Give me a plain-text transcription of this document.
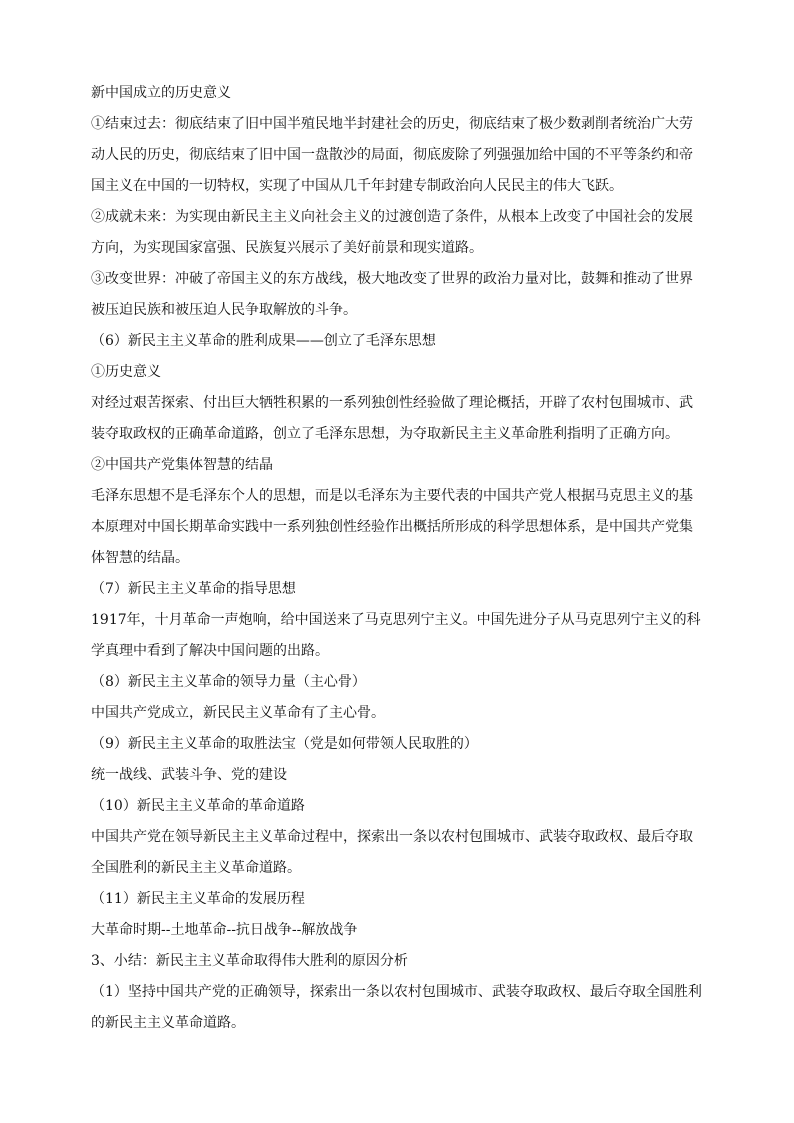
新中国成立的历史意义
①结束过去：彻底结束了旧中国半殖民地半封建社会的历史，彻底结束了极少数剥削者统治广大劳
动人民的历史，彻底结束了旧中国一盘散沙的局面，彻底废除了列强强加给中国的不平等条约和帝
国主义在中国的一切特权，实现了中国从几千年封建专制政治向人民民主的伟大飞跃。
②成就未来：为实现由新民主主义向社会主义的过渡创造了条件，从根本上改变了中国社会的发展
方向，为实现国家富强、民族复兴展示了美好前景和现实道路。
③改变世界：冲破了帝国主义的东方战线，极大地改变了世界的政治力量对比，鼓舞和推动了世界
被压迫民族和被压迫人民争取解放的斗争。
（6）新民主主义革命的胜利成果——创立了毛泽东思想
①历史意义
对经过艰苦探索、付出巨大牺牲积累的一系列独创性经验做了理论概括，开辟了农村包围城市、武
装夺取政权的正确革命道路，创立了毛泽东思想，为夺取新民主主义革命胜利指明了正确方向。
②中国共产党集体智慧的结晶
毛泽东思想不是毛泽东个人的思想，而是以毛泽东为主要代表的中国共产党人根据马克思主义的基
本原理对中国长期革命实践中一系列独创性经验作出概括所形成的科学思想体系，是中国共产党集
体智慧的结晶。
（7）新民主主义革命的指导思想
1917年，十月革命一声炮响，给中国送来了马克思列宁主义。中国先进分子从马克思列宁主义的科
学真理中看到了解决中国问题的出路。
（8）新民主主义革命的领导力量（主心骨）
中国共产党成立，新民民主义革命有了主心骨。
（9）新民主主义革命的取胜法宝（党是如何带领人民取胜的）
统一战线、武装斗争、党的建设
（10）新民主主义革命的革命道路
中国共产党在领导新民主主义革命过程中，探索出一条以农村包围城市、武装夺取政权、最后夺取
全国胜利的新民主主义革命道路。
（11）新民主主义革命的发展历程
大革命时期--土地革命--抗日战争--解放战争
3、小结：新民主主义革命取得伟大胜利的原因分析
（1）坚持中国共产党的正确领导，探索出一条以农村包围城市、武装夺取政权、最后夺取全国胜利
的新民主主义革命道路。
